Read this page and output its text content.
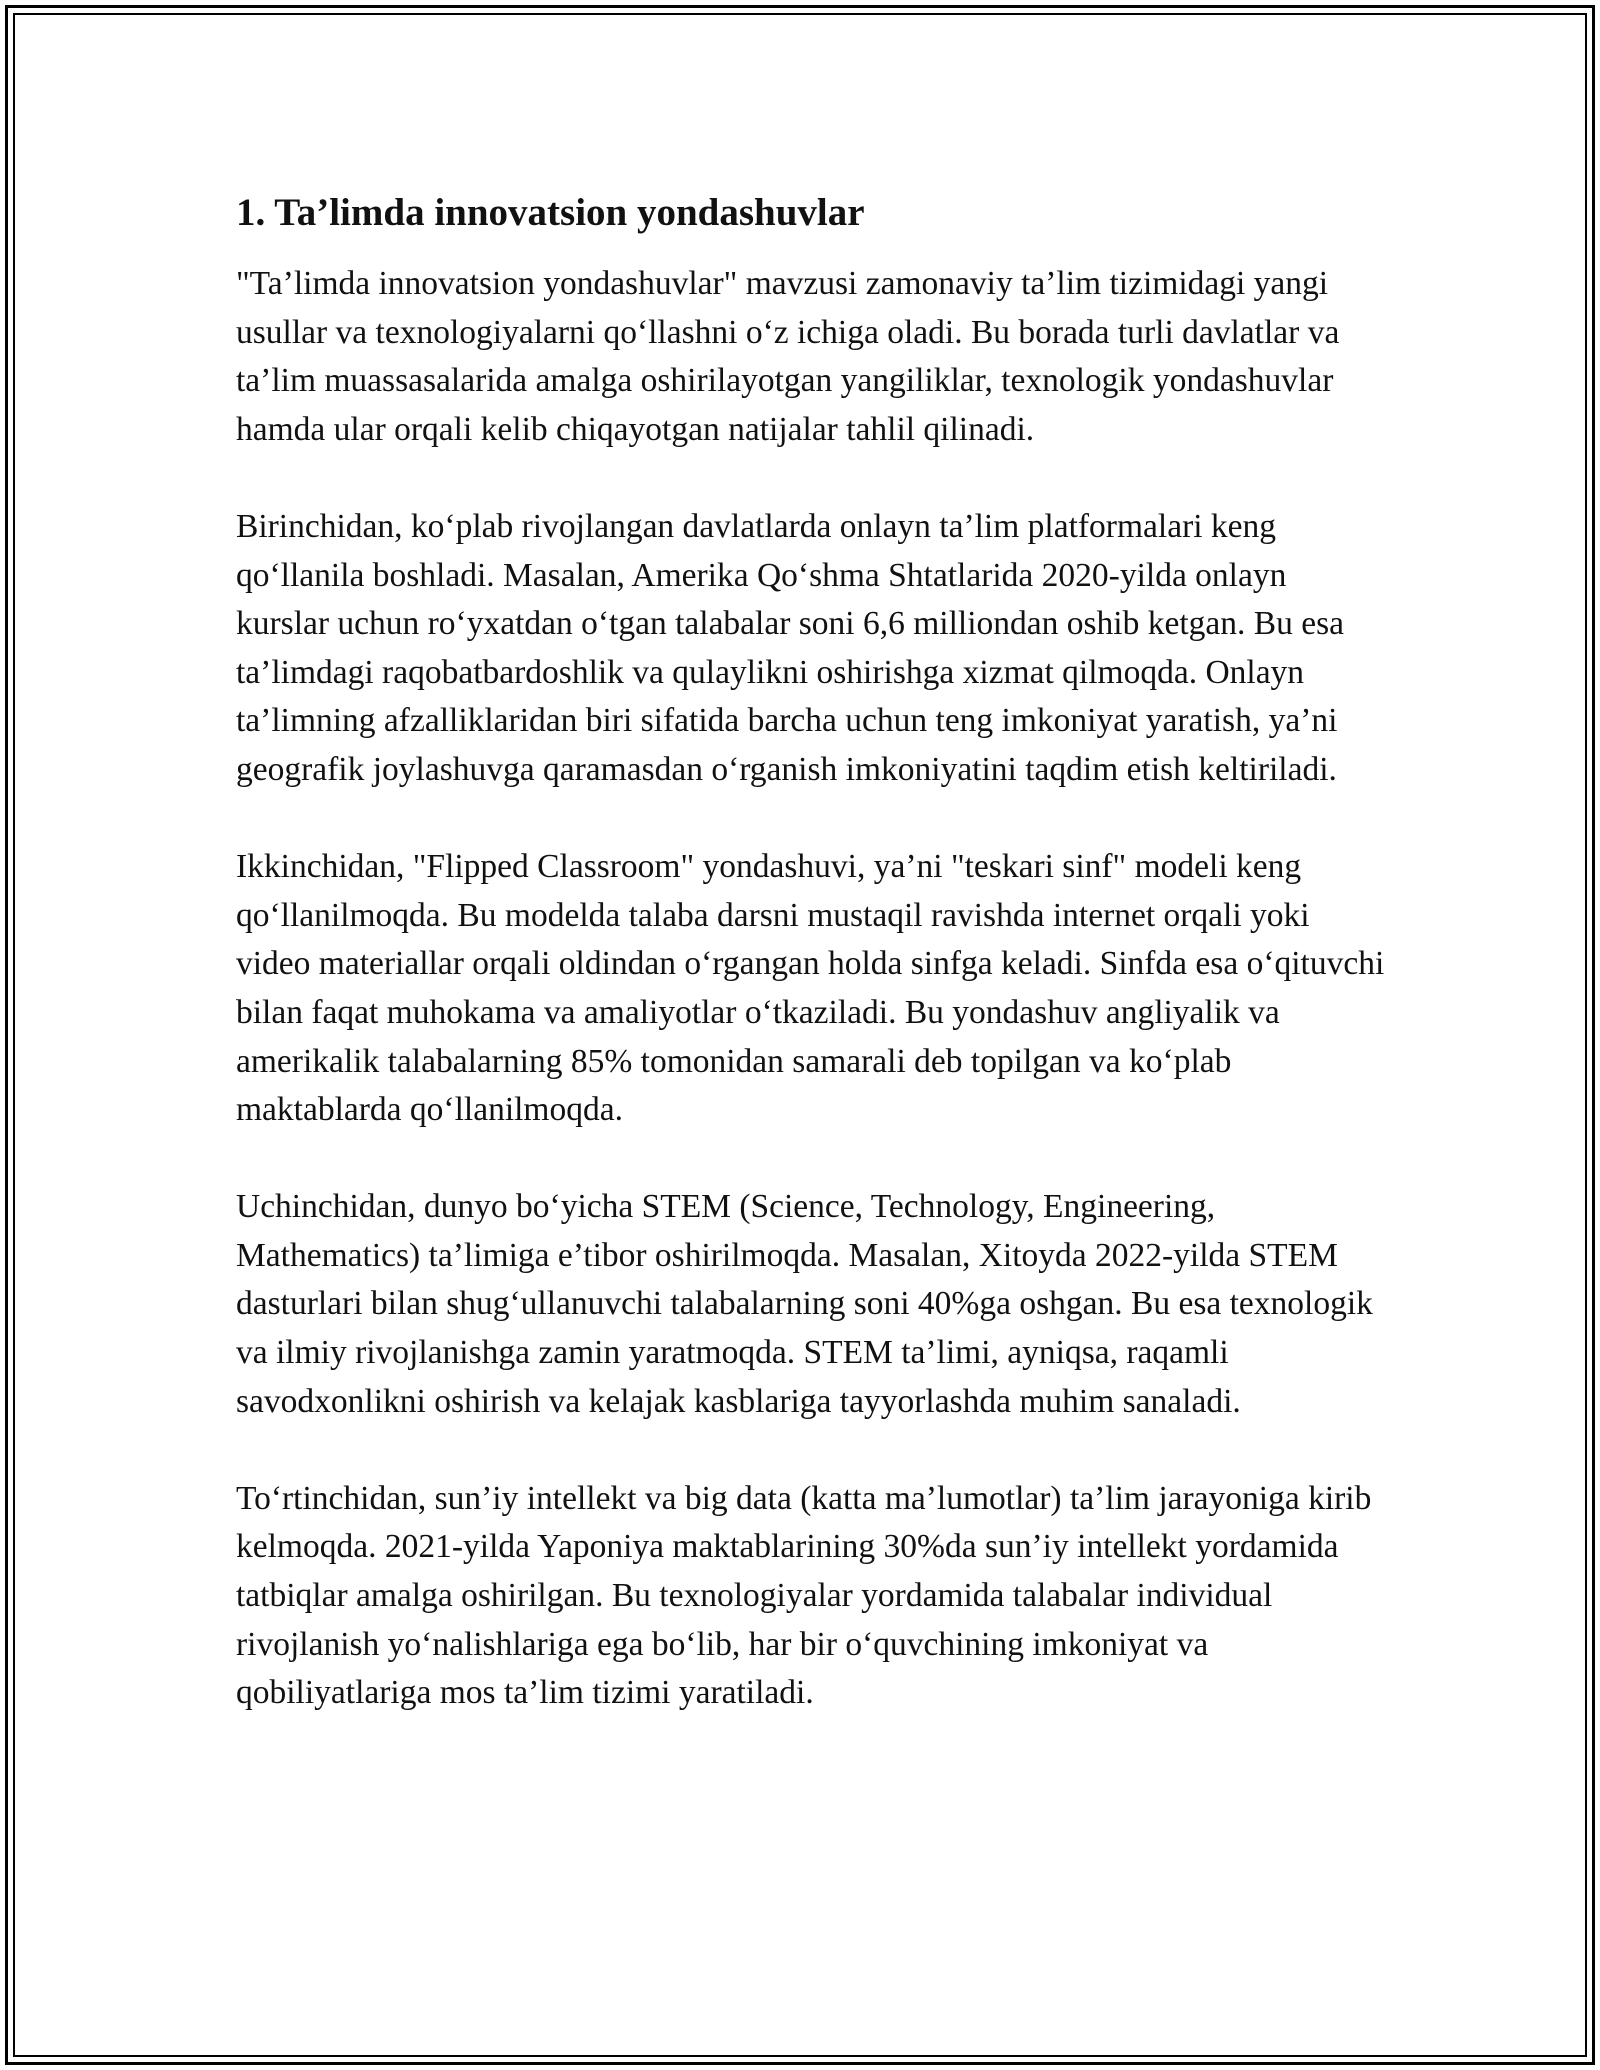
1. Ta’limda innovatsion yondashuvlar

"Ta’limda innovatsion yondashuvlar" mavzusi zamonaviy ta’lim tizimidagi yangi usullar va texnologiyalarni qoʻllashni oʻz ichiga oladi. Bu borada turli davlatlar va ta’lim muassasalarida amalga oshirilayotgan yangiliklar, texnologik yondashuvlar hamda ular orqali kelib chiqayotgan natijalar tahlil qilinadi.

Birinchidan, koʻplab rivojlangan davlatlarda onlayn ta’lim platformalari keng qoʻllanila boshladi. Masalan, Amerika Qoʻshma Shtatlarida 2020-yilda onlayn kurslar uchun roʻyxatdan oʻtgan talabalar soni 6,6 milliondan oshib ketgan. Bu esa ta’limdagi raqobatbardoshlik va qulaylikni oshirishga xizmat qilmoqda. Onlayn ta’limning afzalliklaridan biri sifatida barcha uchun teng imkoniyat yaratish, ya’ni geografik joylashuvga qaramasdan oʻrganish imkoniyatini taqdim etish keltiriladi.

Ikkinchidan, "Flipped Classroom" yondashuvi, ya’ni "teskari sinf" modeli keng qoʻllanilmoqda. Bu modelda talaba darsni mustaqil ravishda internet orqali yoki video materiallar orqali oldindan oʻrgangan holda sinfga keladi. Sinfda esa oʻqituvchi bilan faqat muhokama va amaliyotlar oʻtkaziladi. Bu yondashuv angliyalik va amerikalik talabalarning 85% tomonidan samarali deb topilgan va koʻplab maktablarda qoʻllanilmoqda.

Uchinchidan, dunyo boʻyicha STEM (Science, Technology, Engineering, Mathematics) ta’limiga e’tibor oshirilmoqda. Masalan, Xitoyda 2022-yilda STEM dasturlari bilan shugʻullanuvchi talabalarning soni 40%ga oshgan. Bu esa texnologik va ilmiy rivojlanishga zamin yaratmoqda. STEM ta’limi, ayniqsa, raqamli savodxonlikni oshirish va kelajak kasblariga tayyorlashda muhim sanaladi.

Toʻrtinchidan, sun’iy intellekt va big data (katta ma’lumotlar) ta’lim jarayoniga kirib kelmoqda. 2021-yilda Yaponiya maktablarining 30%da sun’iy intellekt yordamida tatbiqlar amalga oshirilgan. Bu texnologiyalar yordamida talabalar individual rivojlanish yoʻnalishlariga ega boʻlib, har bir oʻquvchining imkoniyat va qobiliyatlariga mos ta’lim tizimi yaratiladi.
